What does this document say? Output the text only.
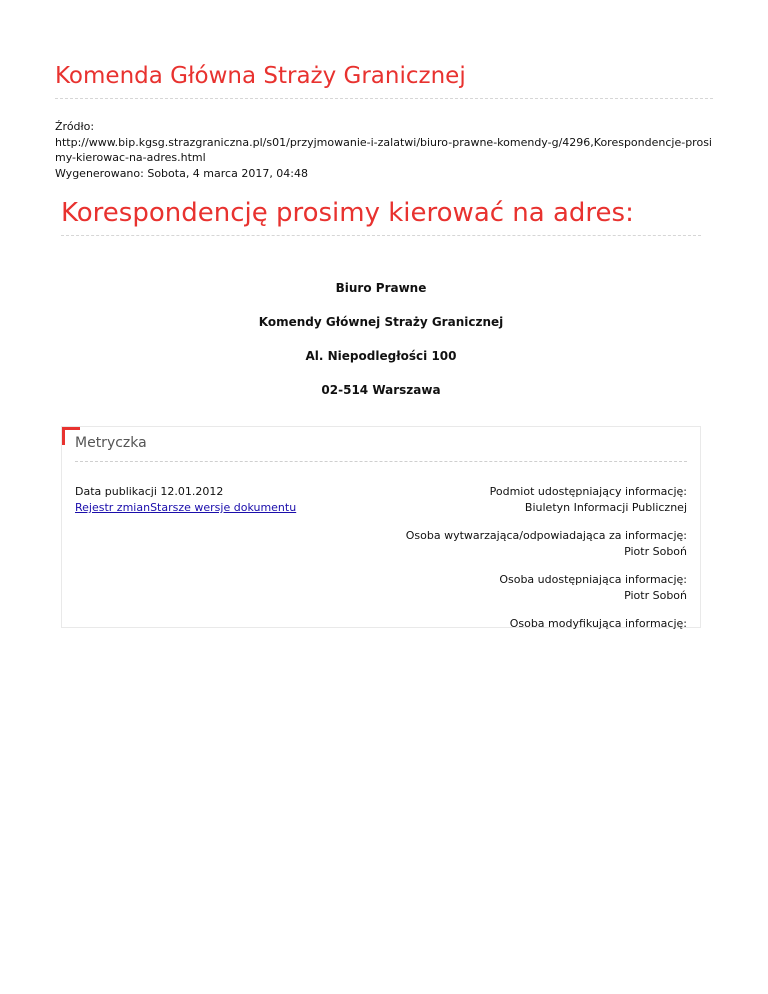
Komenda Główna Straży Granicznej
Źródło:
http://www.bip.kgsg.strazgraniczna.pl/s01/przyjmowanie-i-zalatwi/biuro-prawne-komendy-g/4296,Korespondencje-prosimy-kierowac-na-adres.html
Wygenerowano: Sobota, 4 marca 2017, 04:48
Korespondencję prosimy kierować na adres:

Biuro Prawne

Komendy Głównej Straży Granicznej

Al. Niepodległości 100

02-514 Warszawa

Metryczka
Data publikacji 12.01.2012
Rejestr zmianStarsze wersje dokumentu
Podmiot udostępniający informację:
Biuletyn Informacji Publicznej
Osoba wytwarzająca/odpowiadająca za informację:
Piotr Soboń
Osoba udostępniająca informację:
Piotr Soboń
Osoba modyfikująca informację:
